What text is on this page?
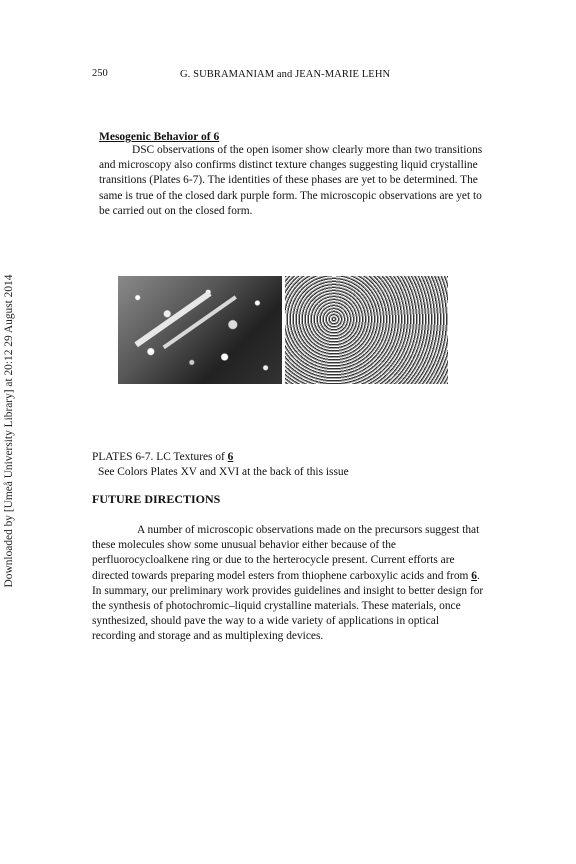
Downloaded by [Umeå University Library] at 20:12 29 August 2014
250	G. SUBRAMANIAM and JEAN-MARIE LEHN
Mesogenic Behavior of 6
DSC observations of the open isomer show clearly more than two transitions and microscopy also confirms distinct texture changes suggesting liquid crystalline transitions (Plates 6-7). The identities of these phases are yet to be determined. The same is true of the closed dark purple form. The microscopic observations are yet to be carried out on the closed form.
PLATES 6-7. LC Textures of 6
See Colors Plates XV and XVI at the back of this issue
FUTURE DIRECTIONS
A number of microscopic observations made on the precursors suggest that these molecules show some unusual behavior either because of the perfluorocycloalkene ring or due to the herterocycle present. Current efforts are directed towards preparing model esters from thiophene carboxylic acids and from 6. In summary, our preliminary work provides guidelines and insight to better design for the synthesis of photochromic–liquid crystalline materials. These materials, once synthesized, should pave the way to a wide variety of applications in optical recording and storage and as multiplexing devices.
